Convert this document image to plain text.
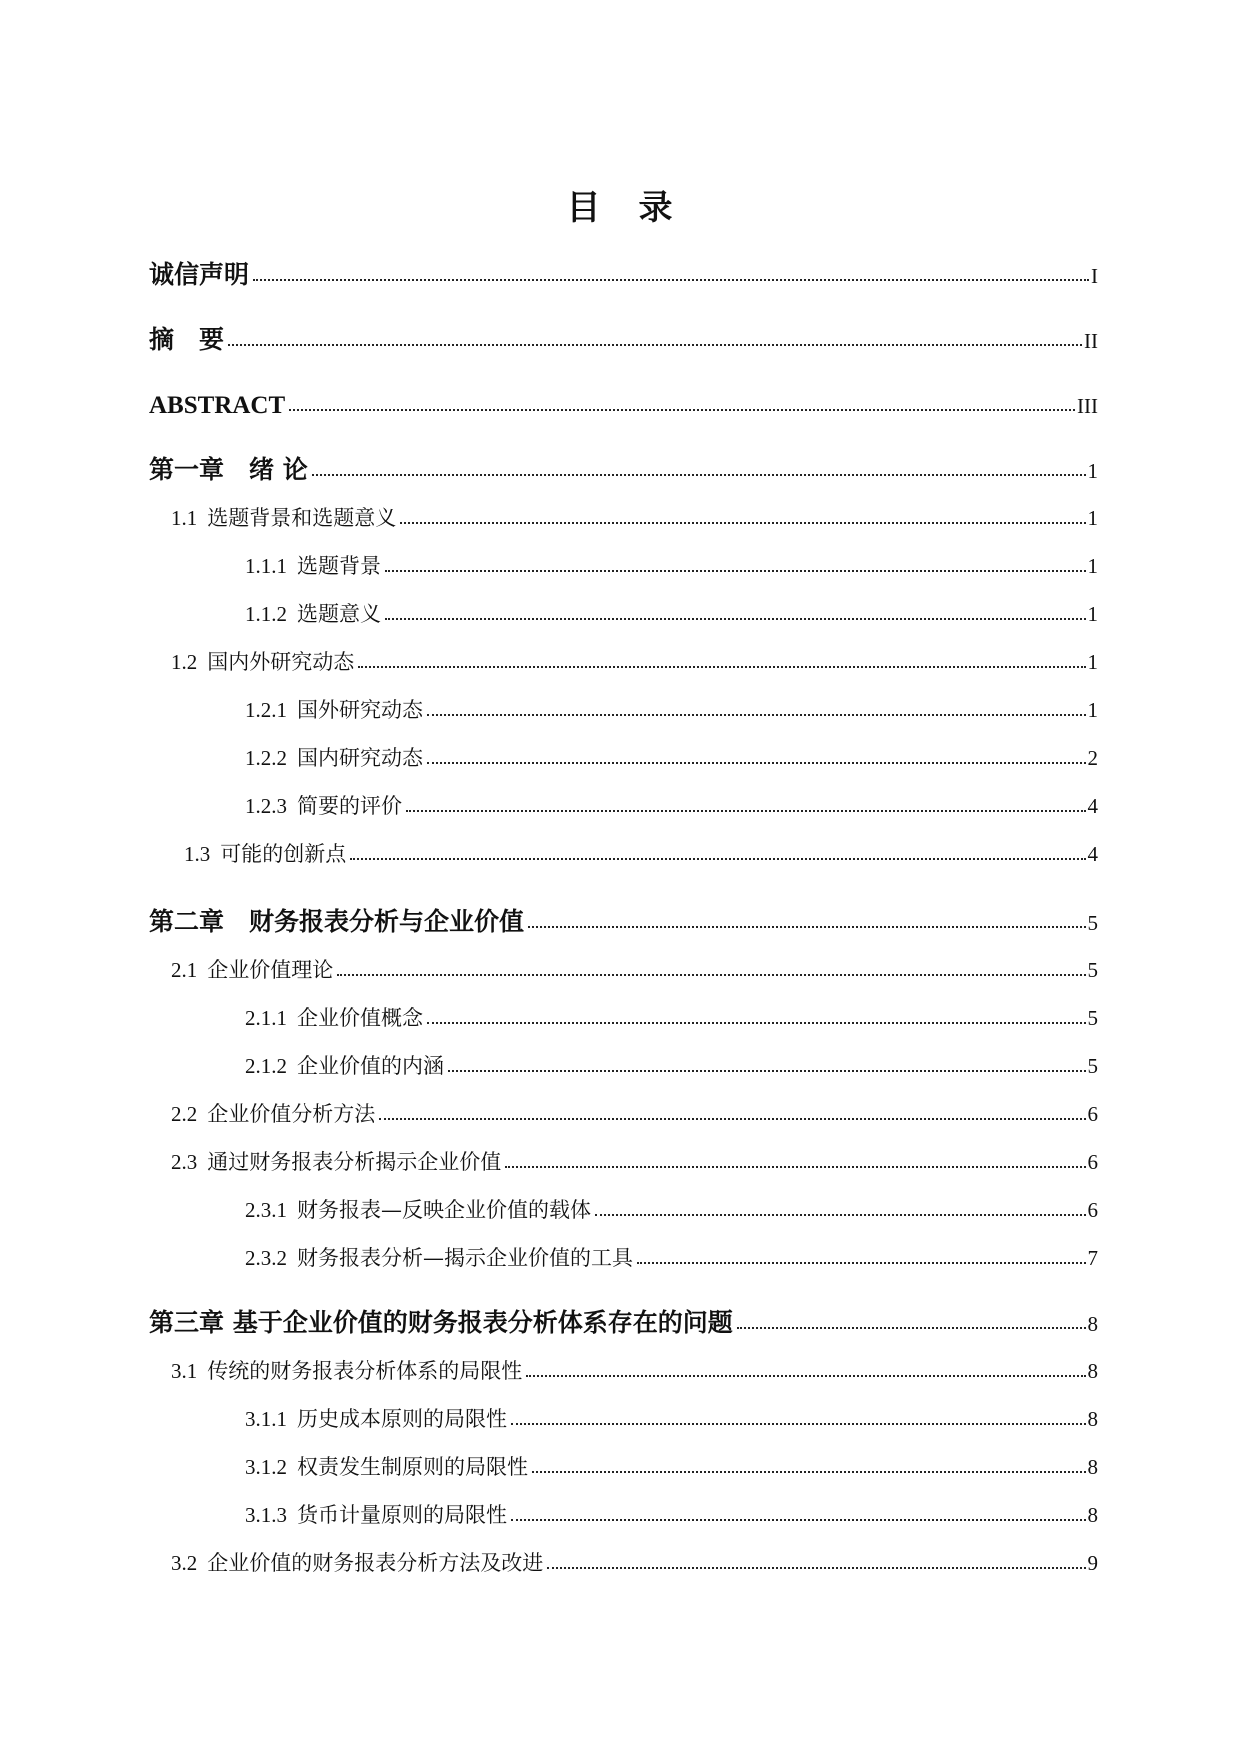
目　录
诚信声明	I
摘　要	II
ABSTRACT	III
第一章　绪 论	1
1.1 选题背景和选题意义	1
1.1.1 选题背景	1
1.1.2 选题意义	1
1.2 国内外研究动态	1
1.2.1 国外研究动态	1
1.2.2 国内研究动态	2
1.2.3 简要的评价	4
1.3 可能的创新点	4
第二章　财务报表分析与企业价值	5
2.1 企业价值理论	5
2.1.1 企业价值概念	5
2.1.2 企业价值的内涵	5
2.2 企业价值分析方法	6
2.3 通过财务报表分析揭示企业价值	6
2.3.1 财务报表—反映企业价值的载体	6
2.3.2 财务报表分析—揭示企业价值的工具	7
第三章 基于企业价值的财务报表分析体系存在的问题	8
3.1 传统的财务报表分析体系的局限性	8
3.1.1 历史成本原则的局限性	8
3.1.2 权责发生制原则的局限性	8
3.1.3 货币计量原则的局限性	8
3.2 企业价值的财务报表分析方法及改进	9
